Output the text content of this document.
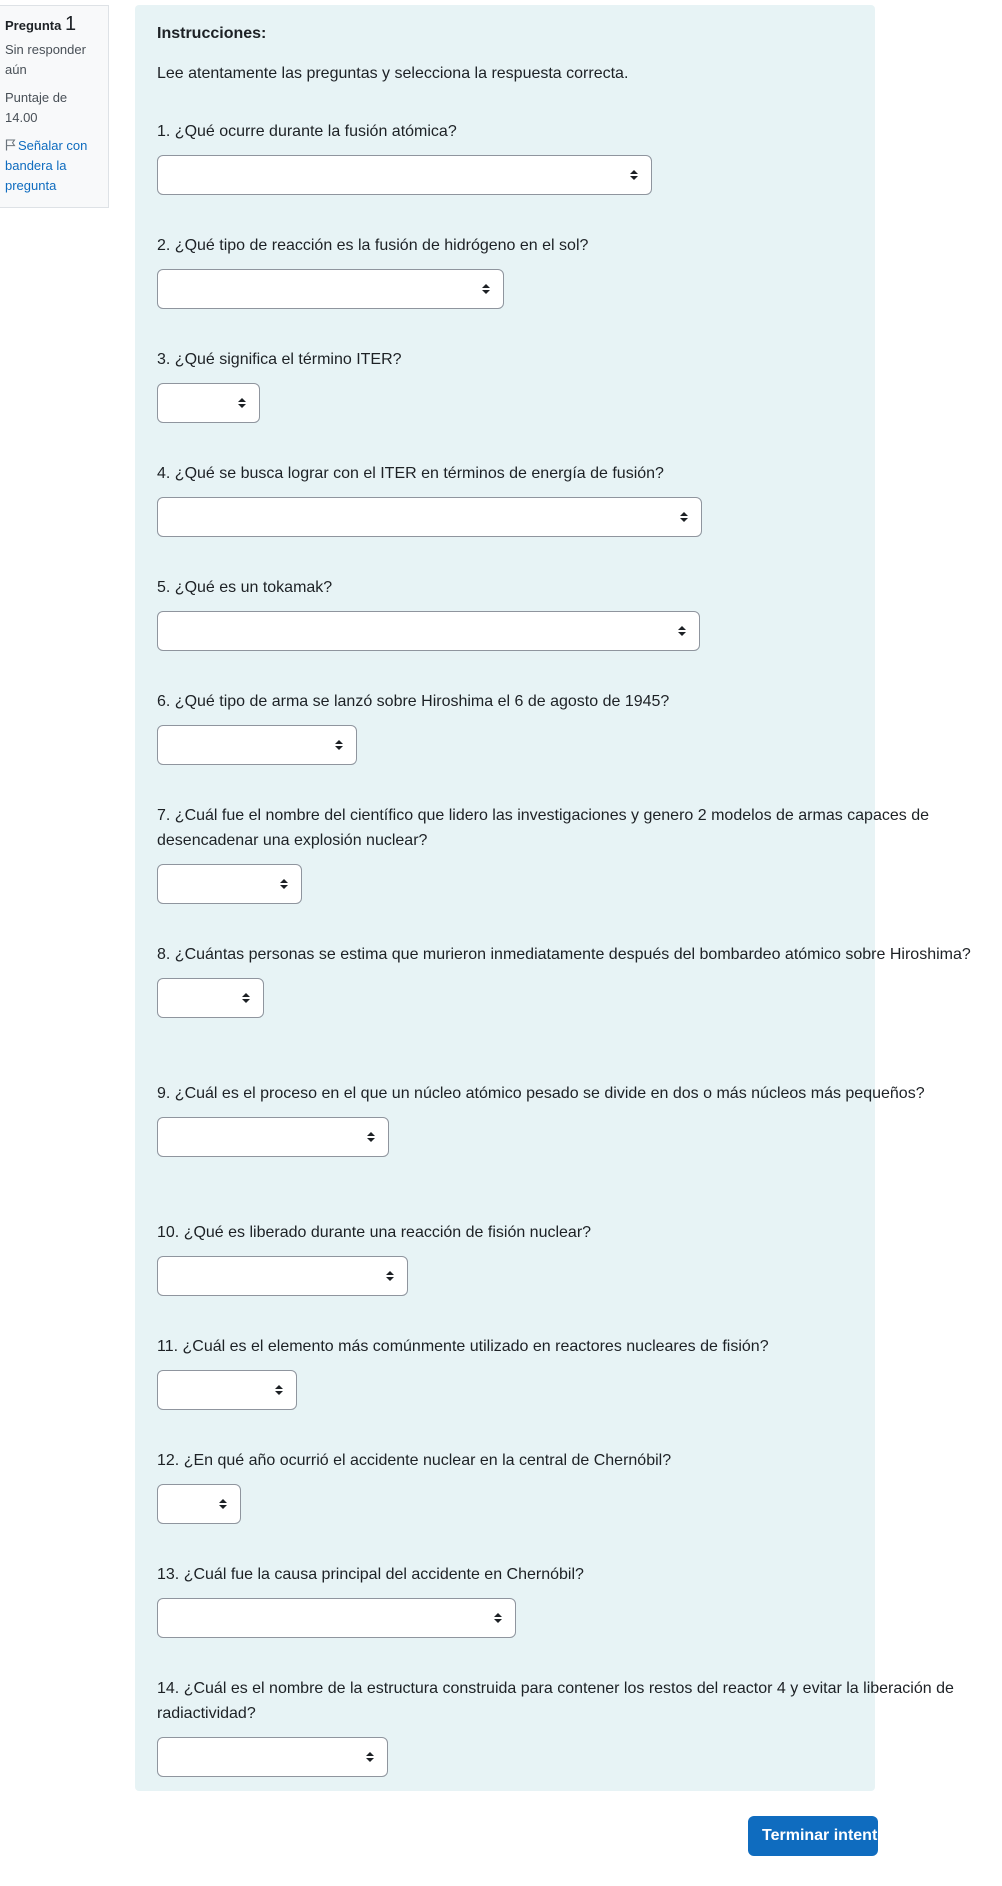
Pregunta 1
Sin responder aún
Puntaje de 14.00
Señalar con bandera la pregunta
Instrucciones:
Lee atentamente las preguntas y selecciona la respuesta correcta.
1. ¿Qué ocurre durante la fusión atómica?
2. ¿Qué tipo de reacción es la fusión de hidrógeno en el sol?
3. ¿Qué significa el término ITER?
4. ¿Qué se busca lograr con el ITER en términos de energía de fusión?
5. ¿Qué es un tokamak?
6. ¿Qué tipo de arma se lanzó sobre Hiroshima el 6 de agosto de 1945?
7. ¿Cuál fue el nombre del científico que lidero las investigaciones y genero 2 modelos de armas capaces de desencadenar una explosión nuclear?
8. ¿Cuántas personas se estima que murieron inmediatamente después del bombardeo atómico sobre Hiroshima?
9. ¿Cuál es el proceso en el que un núcleo atómico pesado se divide en dos o más núcleos más pequeños?
10. ¿Qué es liberado durante una reacción de fisión nuclear?
11. ¿Cuál es el elemento más comúnmente utilizado en reactores nucleares de fisión?
12. ¿En qué año ocurrió el accidente nuclear en la central de Chernóbil?
13. ¿Cuál fue la causa principal del accidente en Chernóbil?
14. ¿Cuál es el nombre de la estructura construida para contener los restos del reactor 4 y evitar la liberación de radiactividad?
Terminar intento...
